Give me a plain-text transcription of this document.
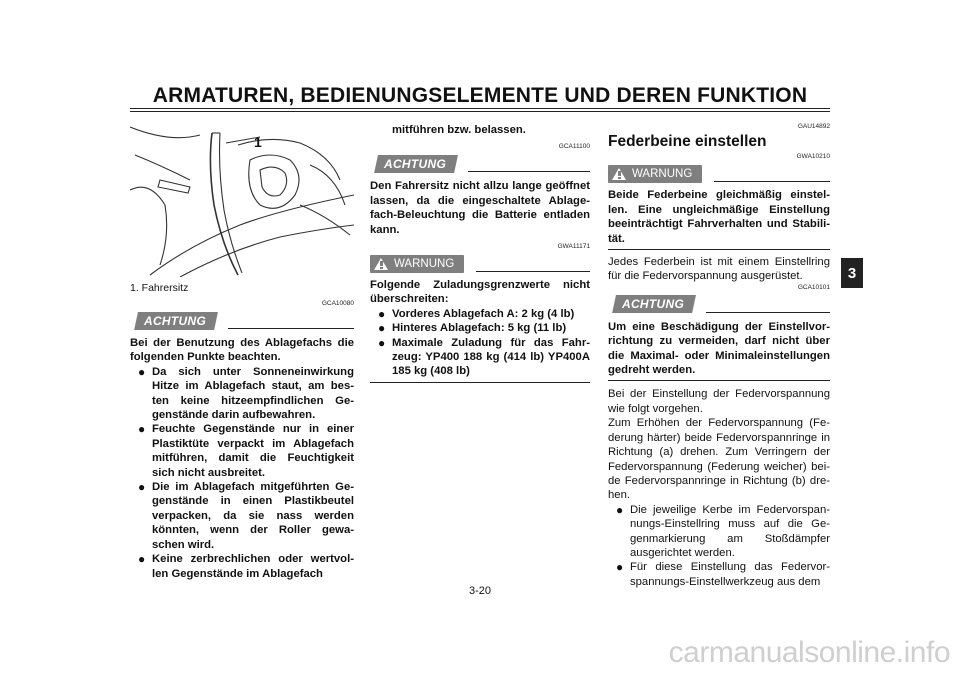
ARMATUREN, BEDIENUNGSELEMENTE UND DEREN FUNKTION
3
1
1. Fahrersitz
GCA10080
ACHTUNG
Bei der Benutzung des Ablagefachs die folgenden Punkte beachten.
● Da sich unter Sonneneinwirkung Hitze im Ablagefach staut, am bes- ten keine hitzeempfindlichen Ge- genstände darin aufbewahren.
● Feuchte Gegenstände nur in einer Plastiktüte verpackt im Ablagefach mitführen, damit die Feuchtigkeit sich nicht ausbreitet.
● Die im Ablagefach mitgeführten Ge- genstände in einen Plastikbeutel verpacken, da sie nass werden könnten, wenn der Roller gewa- schen wird.
● Keine zerbrechlichen oder wertvol- len Gegenstände im Ablagefach
mitführen bzw. belassen.
GCA11100
ACHTUNG
Den Fahrersitz nicht allzu lange geöffnet lassen, da die eingeschaltete Ablage- fach-Beleuchtung die Batterie entladen kann.
GWA11171
WARNUNG
Folgende Zuladungsgrenzwerte nicht überschreiten:
● Vorderes Ablagefach A: 2 kg (4 lb)
● Hinteres Ablagefach: 5 kg (11 lb)
● Maximale Zuladung für das Fahr- zeug: YP400 188 kg (414 lb) YP400A 185 kg (408 lb)
GAU14892
Federbeine einstellen
GWA10210
WARNUNG
Beide Federbeine gleichmäßig einstel- len. Eine ungleichmäßige Einstellung beeinträchtigt Fahrverhalten und Stabili- tät.
Jedes Federbein ist mit einem Einstellring für die Federvorspannung ausgerüstet.
GCA10101
ACHTUNG
Um eine Beschädigung der Einstellvor- richtung zu vermeiden, darf nicht über die Maximal- oder Minimaleinstellungen gedreht werden.
Bei der Einstellung der Federvorspannung wie folgt vorgehen.
Zum Erhöhen der Federvorspannung (Fe- derung härter) beide Federvorspannringe in Richtung (a) drehen. Zum Verringern der Federvorspannung (Federung weicher) bei- de Federvorspannringe in Richtung (b) dre- hen.
● Die jeweilige Kerbe im Federvorspan- nungs-Einstellring muss auf die Ge- genmarkierung am Stoßdämpfer ausgerichtet werden.
● Für diese Einstellung das Federvor- spannungs-Einstellwerkzeug aus dem
3-20
carmanualsonline.info
